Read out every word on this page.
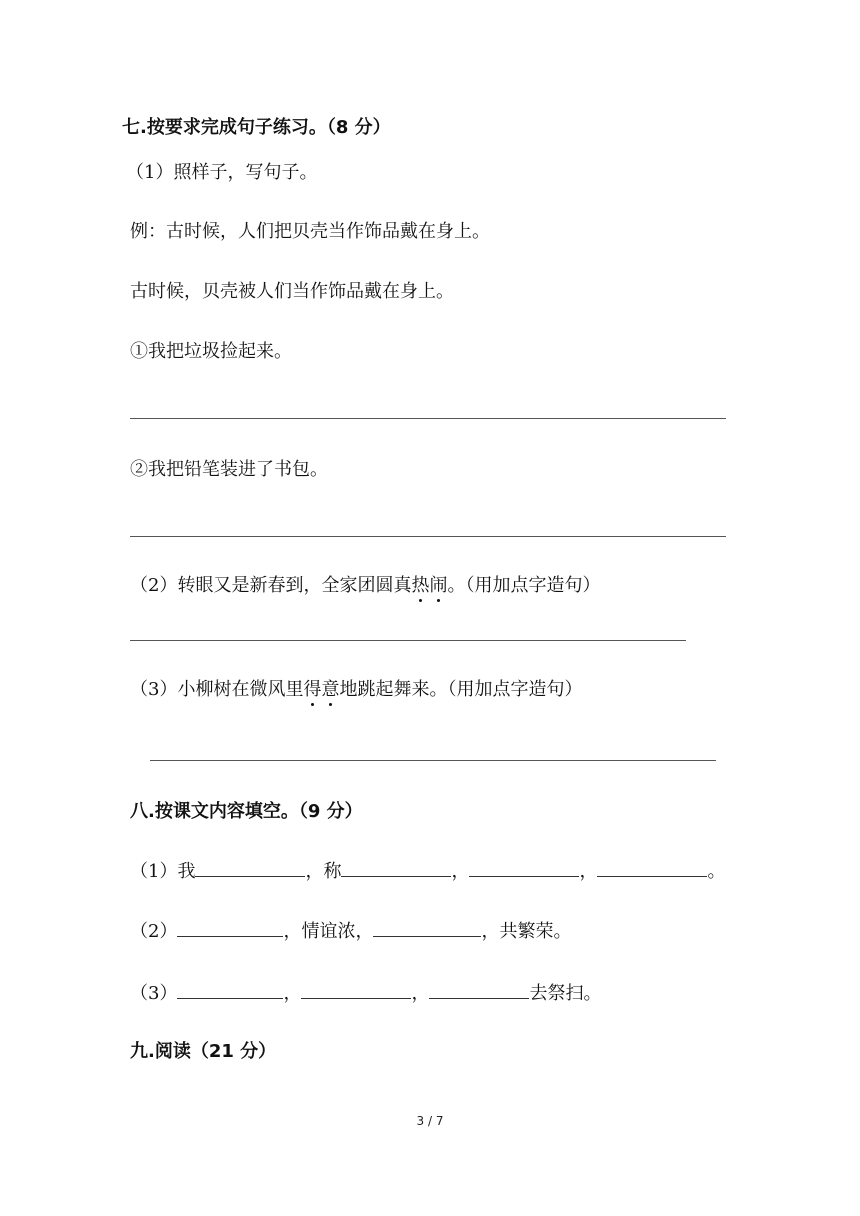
七.按要求完成句子练习。（8 分）
（1）照样子，写句子。
例：古时候，人们把贝壳当作饰品戴在身上。
古时候，贝壳被人们当作饰品戴在身上。
①我把垃圾捡起来。
②我把铅笔装进了书包。
（2）转眼又是新春到，全家团圆真热闹。（用加点字造句）
（3）小柳树在微风里得意地跳起舞来。（用加点字造句）
八.按课文内容填空。（9 分）
（1）我	，称	，	，	。
（2）	，情谊浓，	，共繁荣。
（3）	，	，	去祭扫。
九.阅读（21 分）
3 / 7
